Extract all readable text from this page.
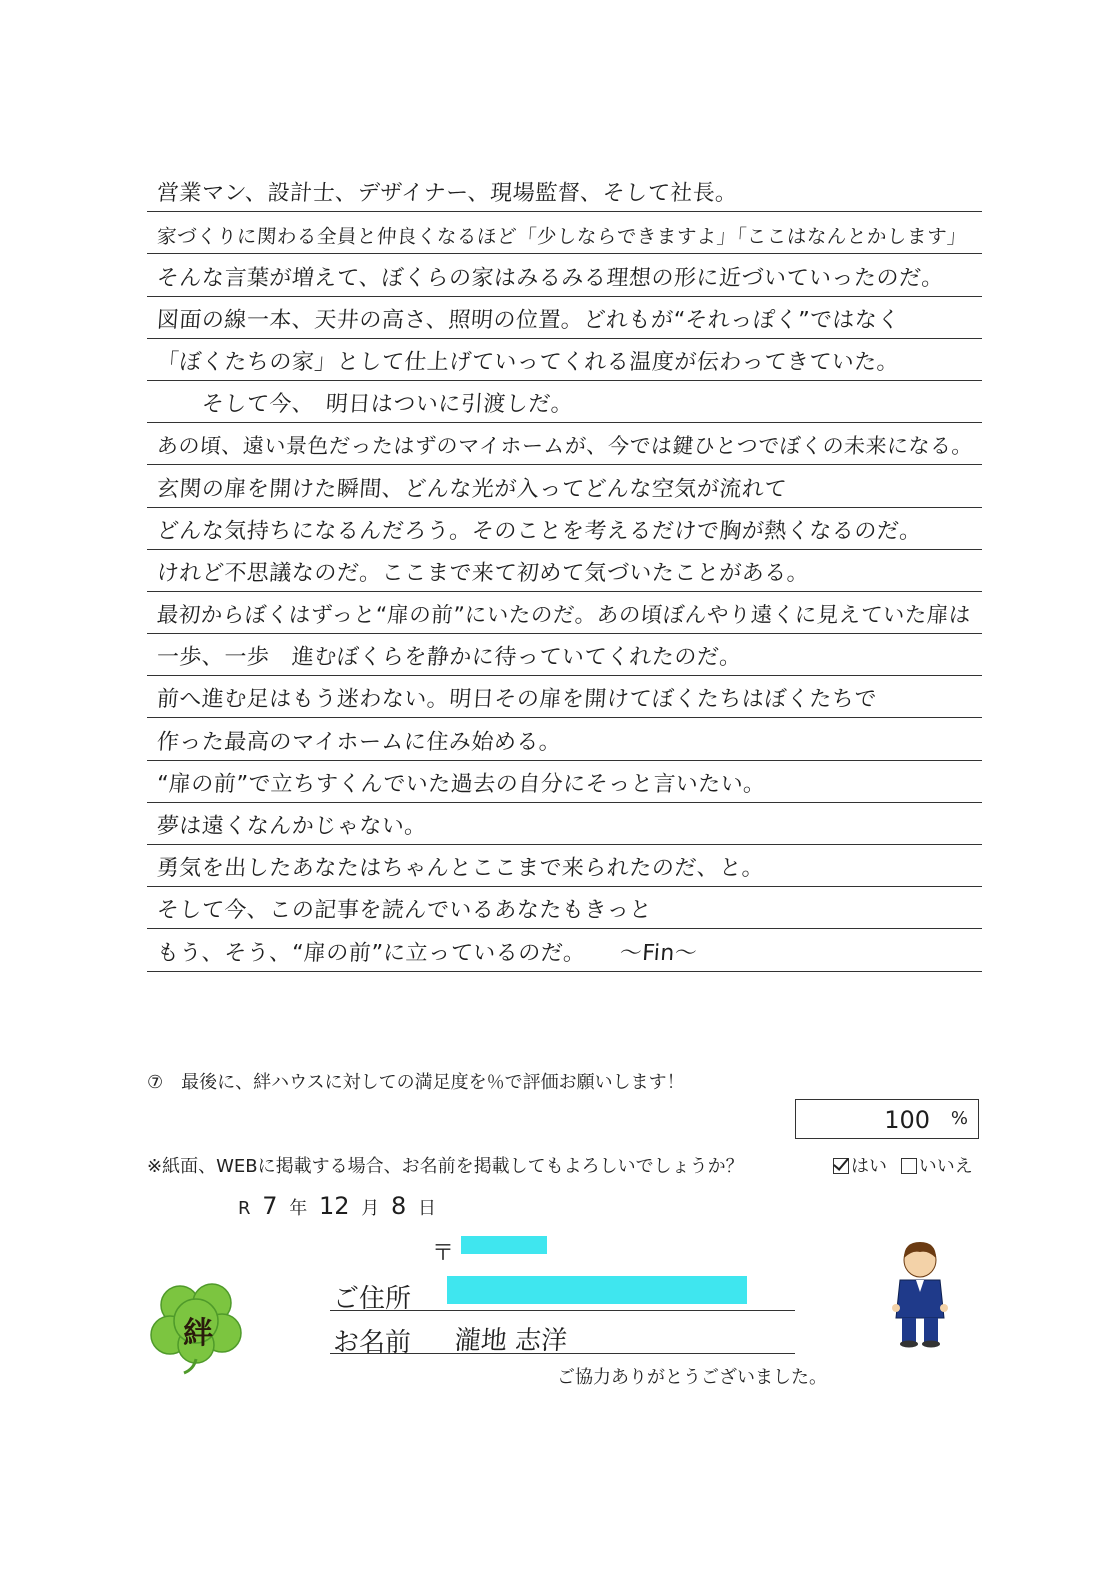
営業マン、設計士、デザイナー、現場監督、そして社長。
家づくりに関わる全員と仲良くなるほど「少しならできますよ」「ここはなんとかします」
そんな言葉が増えて、ぼくらの家はみるみる理想の形に近づいていったのだ。
図面の線一本、天井の高さ、照明の位置。どれもが“それっぽく”ではなく
「ぼくたちの家」として仕上げていってくれる温度が伝わってきていた。
　　そして今、　明日はついに引渡しだ。
あの頃、遠い景色だったはずのマイホームが、今では鍵ひとつでぼくの未来になる。
玄関の扉を開けた瞬間、どんな光が入ってどんな空気が流れて
どんな気持ちになるんだろう。そのことを考えるだけで胸が熱くなるのだ。
けれど不思議なのだ。ここまで来て初めて気づいたことがある。
最初からぼくはずっと“扉の前”にいたのだ。あの頃ぼんやり遠くに見えていた扉は
一歩、一歩　進むぼくらを静かに待っていてくれたのだ。
前へ進む足はもう迷わない。明日その扉を開けてぼくたちはぼくたちで
作った最高のマイホームに住み始める。
“扉の前”で立ちすくんでいた過去の自分にそっと言いたい。
夢は遠くなんかじゃない。
勇気を出したあなたはちゃんとここまで来られたのだ、と。
そして今、この記事を読んでいるあなたもきっと
もう、そう、“扉の前”に立っているのだ。　　～Fin～
⑦　最後に、絆ハウスに対しての満足度を％で評価お願いします！
100 %
※紙面、WEBに掲載する場合、お名前を掲載してもよろしいでしょうか？	はい いいえ
R 7 年 12 月 8 日
〒
ご住所
お名前 瀧地 志洋
ご協力ありがとうございました。
絆
